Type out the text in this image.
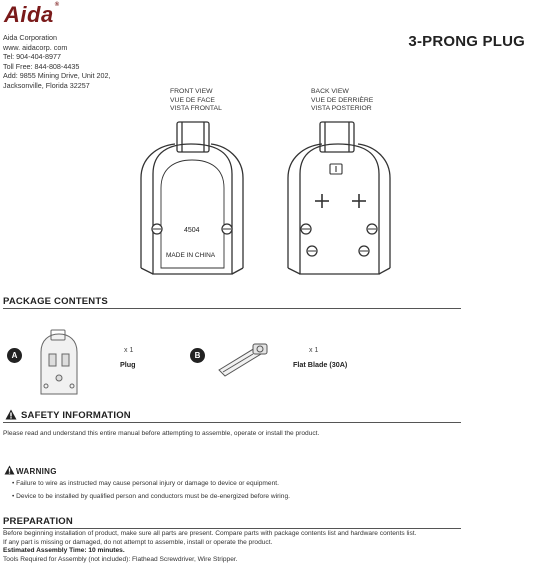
Aida®
Aida Corporation
www. aidacorp. com
Tel: 904-404-8977
Toll Free: 844-808-4435
Add: 9855 Mining Drive, Unit 202,
Jacksonville, Florida 32257
3-PRONG PLUG
FRONT VIEW
VUE DE FACE
VISTA FRONTAL
BACK VIEW
VUE DE DERRIÈRE
VISTA POSTERIOR
4504
MADE IN CHINA
PACKAGE CONTENTS
A
x 1
Plug
B
x 1
Flat Blade (30A)
SAFETY INFORMATION
Please read and understand this entire manual before attempting to assemble, operate or install the product.
WARNING
• Failure to wire as instructed may cause personal injury or damage to device or equipment.
• Device to be installed by qualified person and conductors must be de-energized before wiring.
PREPARATION
Before beginning installation of product, make sure all parts are present. Compare parts with package contents list and hardware contents list.
If any part is missing or damaged, do not attempt to assemble, install or operate the product.
Estimated Assembly Time: 10 minutes.
Tools Required for Assembly (not included): Flathead Screwdriver, Wire Stripper.
